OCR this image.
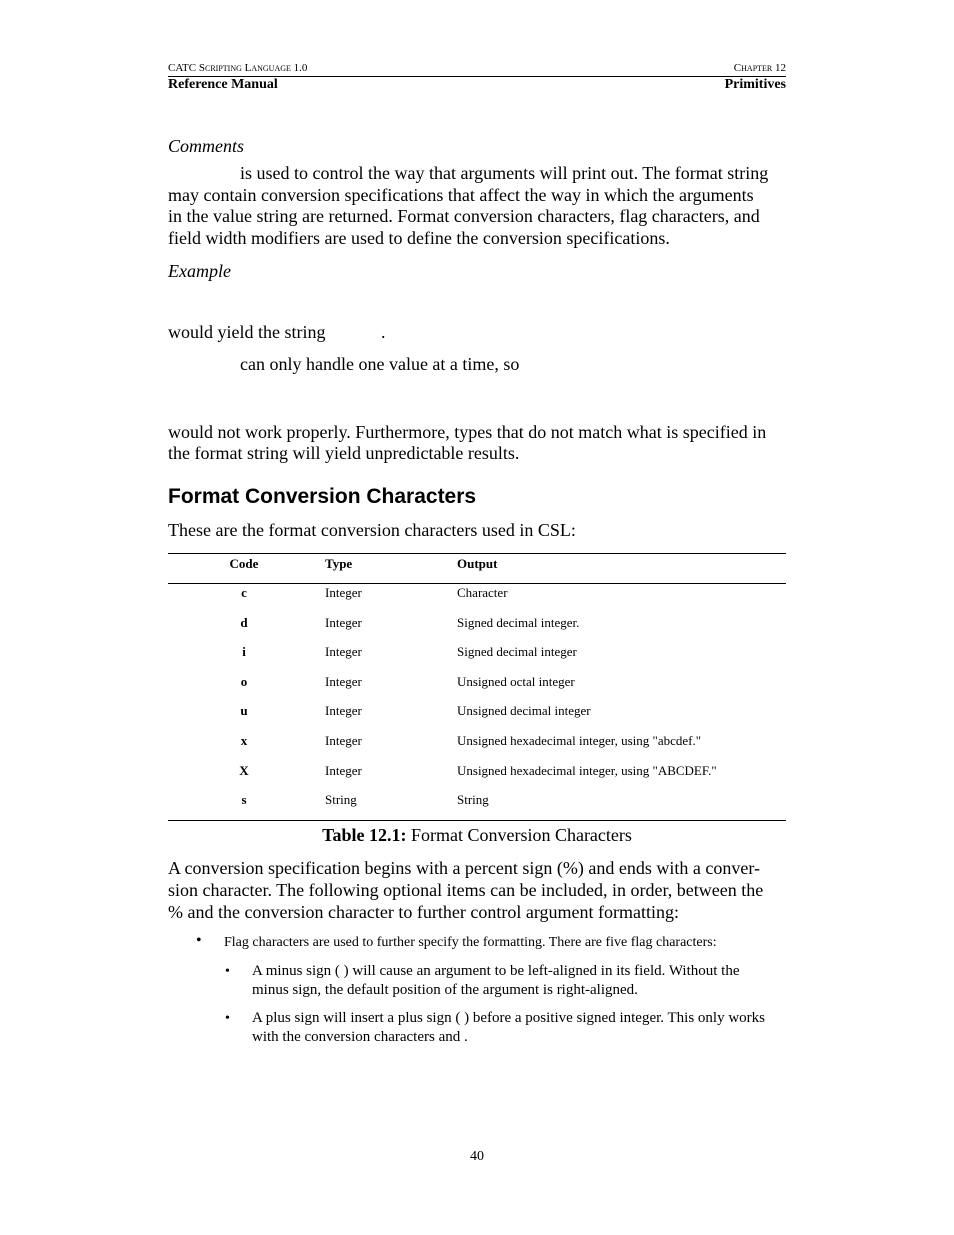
CATC Scripting Language 1.0	Chapter 12
Reference Manual	Primitives
Comments
is used to control the way that arguments will print out. The format string
may contain conversion specifications that affect the way in which the arguments
in the value string are returned. Format conversion characters, flag characters, and
field width modifiers are used to define the conversion specifications.
Example
would yield the string	.
can only handle one value at a time, so
would not work properly. Furthermore, types that do not match what is specified in
the format string will yield unpredictable results.
Format Conversion Characters
These are the format conversion characters used in CSL:
Code	Type	Output
c	Integer	Character
d	Integer	Signed decimal integer.
i	Integer	Signed decimal integer
o	Integer	Unsigned octal integer
u	Integer	Unsigned decimal integer
x	Integer	Unsigned hexadecimal integer, using "abcdef."
X	Integer	Unsigned hexadecimal integer, using "ABCDEF."
s	String	String
Table 12.1: Format Conversion Characters
A conversion specification begins with a percent sign (%) and ends with a conver-
sion character. The following optional items can be included, in order, between the
% and the conversion character to further control argument formatting:
• Flag characters are used to further specify the formatting. There are five flag characters:
• A minus sign ( ) will cause an argument to be left-aligned in its field. Without the
minus sign, the default position of the argument is right-aligned.
• A plus sign will insert a plus sign ( ) before a positive signed integer. This only works
with the conversion characters and .
40
